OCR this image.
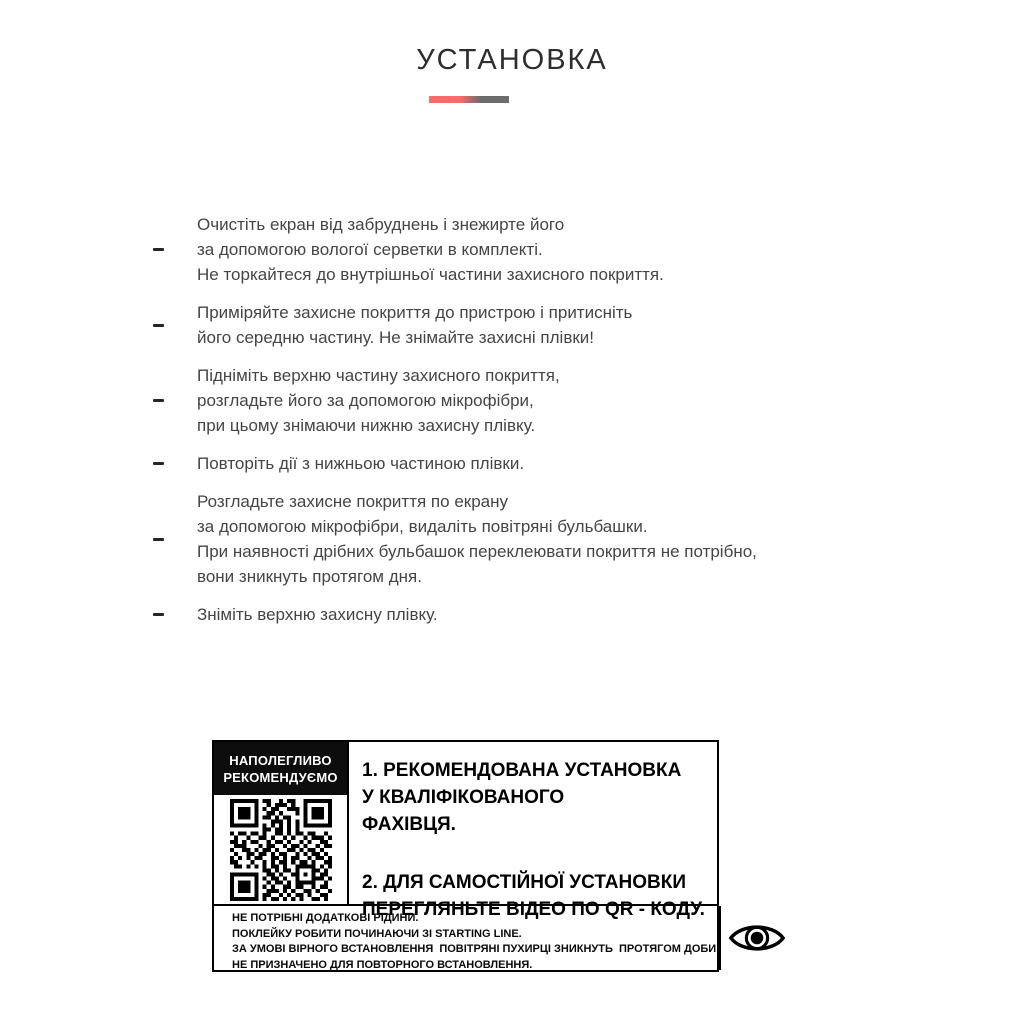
УСТАНОВКА
Очистіть екран від забруднень і знежирте його
за допомогою вологої серветки в комплекті.
Не торкайтеся до внутрішньої частини захисного покриття.
Приміряйте захисне покриття до пристрою і притисніть
його середню частину. Не знімайте захисні плівки!
Підніміть верхню частину захисного покриття,
розгладьте його за допомогою мікрофібри,
при цьому знімаючи нижню захисну плівку.
Повторіть дії з нижньою частиною плівки.
Розгладьте захисне покриття по екрану
за допомогою мікрофібри, видаліть повітряні бульбашки.
При наявності дрібних бульбашок переклеювати покриття не потрібно,
вони зникнуть протягом дня.
Зніміть верхню захисну плівку.
НАПОЛЕГЛИВО
РЕКОМЕНДУЄМО 1. РЕКОМЕНДОВАНА УСТАНОВКА
У КВАЛІФІКОВАНОГО
ФАХІВЦЯ.
2. ДЛЯ САМОСТІЙНОЇ УСТАНОВКИ
ПЕРЕГЛЯНЬТЕ ВІДЕО ПО QR - КОДУ.
НЕ ПОТРІБНІ ДОДАТКОВІ РІДИНИ.
ПОКЛЕЙКУ РОБИТИ ПОЧИНАЮЧИ ЗІ STARTING LINE.
ЗА УМОВІ ВІРНОГО ВСТАНОВЛЕННЯ  ПОВІТРЯНІ ПУХИРЦІ ЗНИКНУТЬ  ПРОТЯГОМ ДОБИ.
НЕ ПРИЗНАЧЕНО ДЛЯ ПОВТОРНОГО ВСТАНОВЛЕННЯ.
